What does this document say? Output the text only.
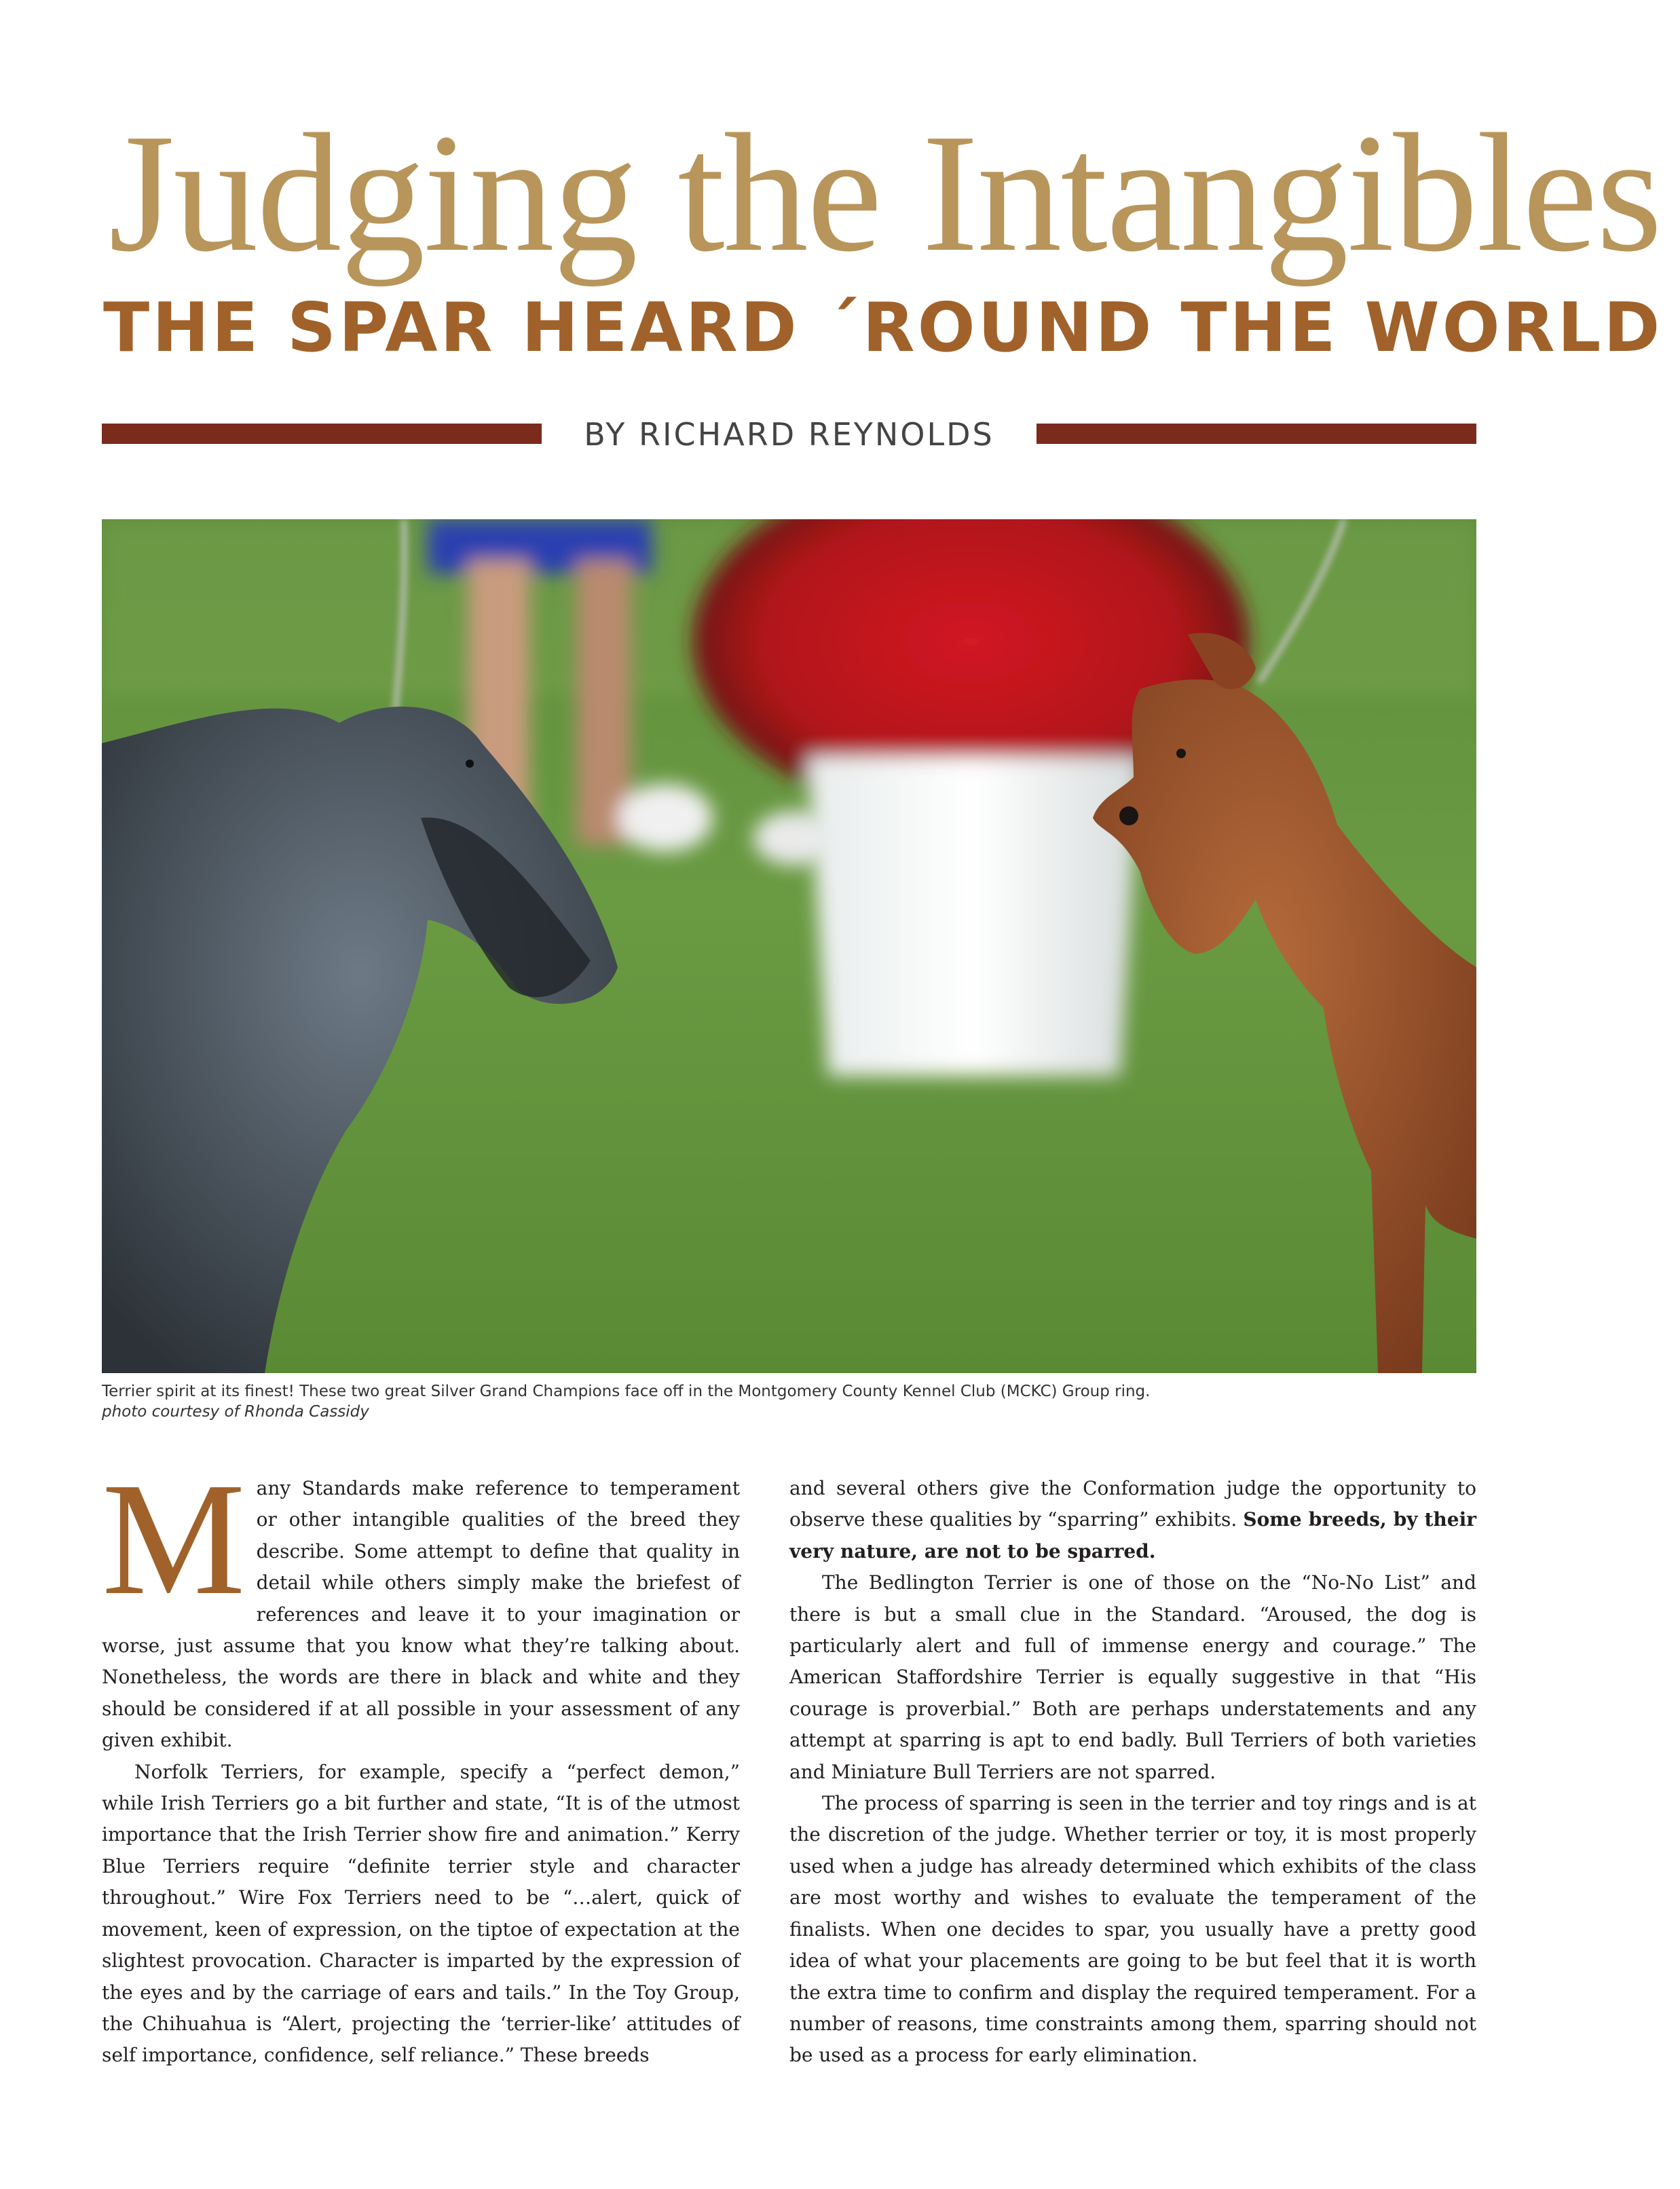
Judging the Intangibles
THE SPAR HEARD ´ROUND THE WORLD
BY RICHARD REYNOLDS
Terrier spirit at its finest! These two great Silver Grand Champions face off in the Montgomery County Kennel Club (MCKC) Group ring.
photo courtesy of Rhonda Cassidy

M any Standards make reference to temperament or other intangible qualities of the breed they describe. Some attempt to define that quality in detail while others simply make the briefest of references and leave it to your imagination or worse, just assume that you know what they’re talking about. Nonetheless, the words are there in black and white and they should be considered if at all possible in your assessment of any given exhibit.

Norfolk Terriers, for example, specify a “perfect demon,” while Irish Terriers go a bit further and state, “It is of the utmost importance that the Irish Terrier show fire and animation.” Kerry Blue Terriers require “definite terrier style and character throughout.” Wire Fox Terriers need to be “…alert, quick of movement, keen of expression, on the tiptoe of expectation at the slightest provocation. Character is imparted by the expression of the eyes and by the carriage of ears and tails.” In the Toy Group, the Chihuahua is “Alert, projecting the ‘terrier-like’ attitudes of self importance, confidence, self reliance.” These breeds

and several others give the Conformation judge the opportunity to observe these qualities by “sparring” exhibits. Some breeds, by their very nature, are not to be sparred.

The Bedlington Terrier is one of those on the “No-No List” and there is but a small clue in the Standard. “Aroused, the dog is particularly alert and full of immense energy and courage.” The American Staffordshire Terrier is equally suggestive in that “His courage is proverbial.” Both are perhaps understatements and any attempt at sparring is apt to end badly. Bull Terriers of both varieties and Miniature Bull Terriers are not sparred.

The process of sparring is seen in the terrier and toy rings and is at the discretion of the judge. Whether terrier or toy, it is most properly used when a judge has already determined which exhibits of the class are most worthy and wishes to evaluate the temperament of the finalists. When one decides to spar, you usually have a pretty good idea of what your placements are going to be but feel that it is worth the extra time to confirm and display the required temperament. For a number of reasons, time constraints among them, sparring should not be used as a process for early elimination.
